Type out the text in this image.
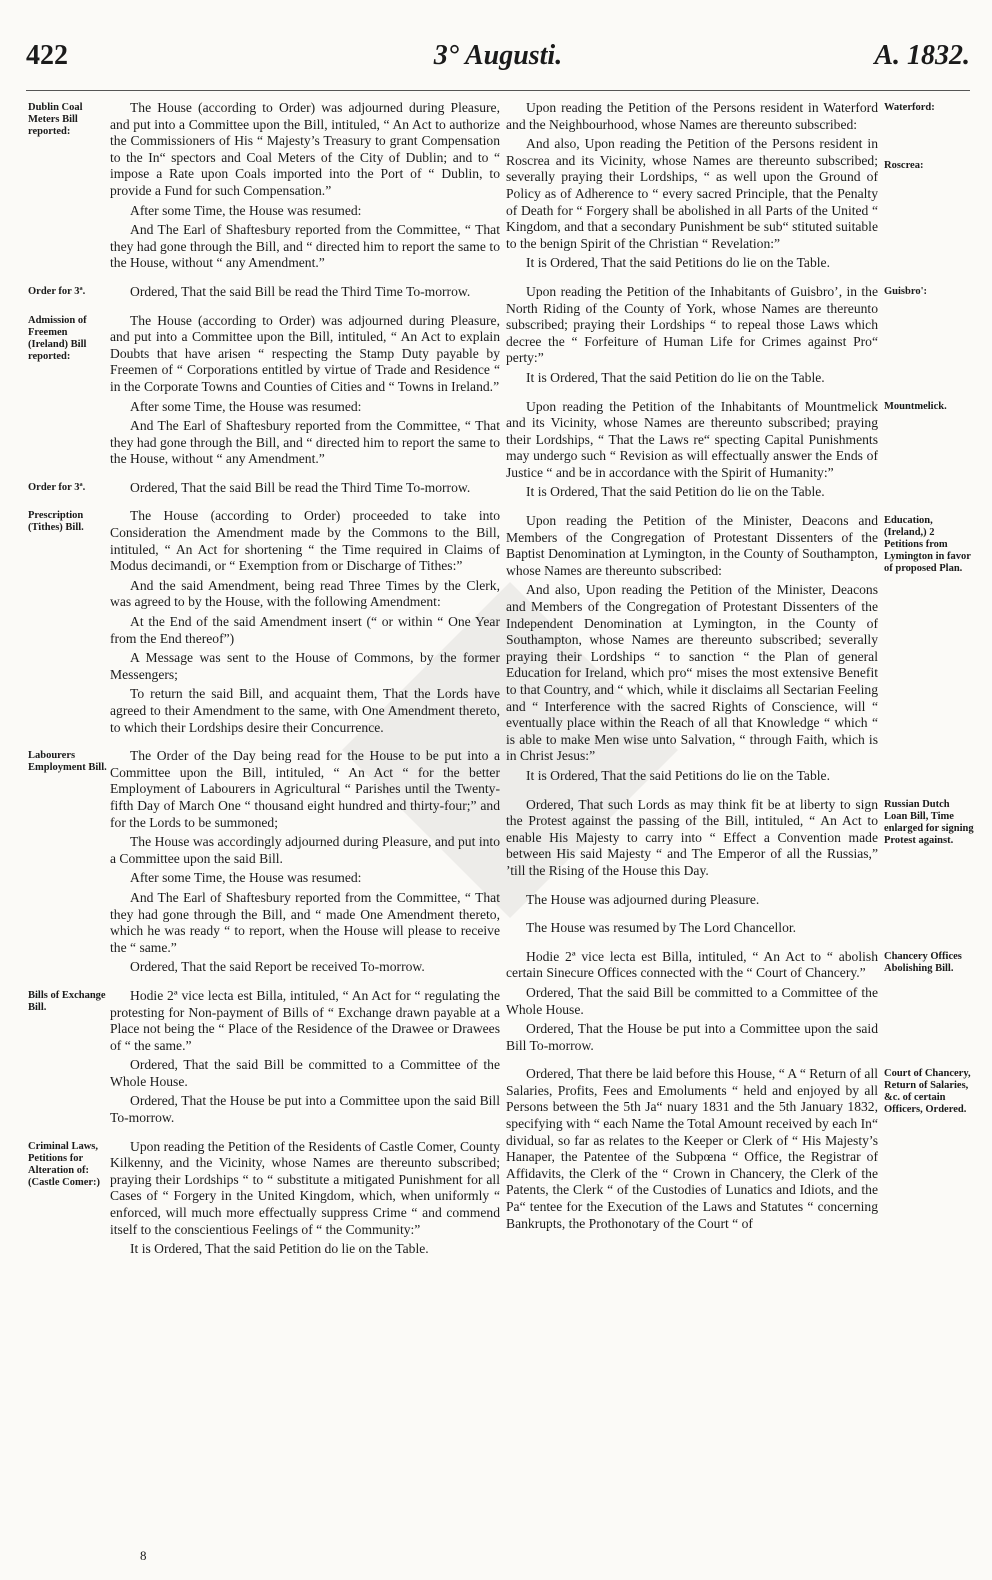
422	3° Augusti.	A. 1832.

The House (according to Order) was adjourned during Pleasure, and put into a Committee upon the Bill, intituled, “ An Act to authorize the Commissioners of His “ Majesty’s Treasury to grant Compensation to the In“ spectors and Coal Meters of the City of Dublin; and to “ impose a Rate upon Coals imported into the Port of “ Dublin, to provide a Fund for such Compensation.”

After some Time, the House was resumed:

And The Earl of Shaftesbury reported from the Committee, “ That they had gone through the Bill, and “ directed him to report the same to the House, without “ any Amendment.”

Ordered, That the said Bill be read the Third Time To-morrow.

The House (according to Order) was adjourned during Pleasure, and put into a Committee upon the Bill, intituled, “ An Act to explain Doubts that have arisen “ respecting the Stamp Duty payable by Freemen of “ Corporations entitled by virtue of Trade and Residence “ in the Corporate Towns and Counties of Cities and “ Towns in Ireland.”

After some Time, the House was resumed:

And The Earl of Shaftesbury reported from the Committee, “ That they had gone through the Bill, and “ directed him to report the same to the House, without “ any Amendment.”

Ordered, That the said Bill be read the Third Time To-morrow.

The House (according to Order) proceeded to take into Consideration the Amendment made by the Commons to the Bill, intituled, “ An Act for shortening “ the Time required in Claims of Modus decimandi, or “ Exemption from or Discharge of Tithes:”

And the said Amendment, being read Three Times by the Clerk, was agreed to by the House, with the following Amendment:

At the End of the said Amendment insert (“ or within “ One Year from the End thereof”)

A Message was sent to the House of Commons, by the former Messengers;

To return the said Bill, and acquaint them, That the Lords have agreed to their Amendment to the same, with One Amendment thereto, to which their Lordships desire their Concurrence.

The Order of the Day being read for the House to be put into a Committee upon the Bill, intituled, “ An Act “ for the better Employment of Labourers in Agricultural “ Parishes until the Twenty-fifth Day of March One “ thousand eight hundred and thirty-four;” and for the Lords to be summoned;

The House was accordingly adjourned during Pleasure, and put into a Committee upon the said Bill.

After some Time, the House was resumed:

And The Earl of Shaftesbury reported from the Committee, “ That they had gone through the Bill, and “ made One Amendment thereto, which he was ready “ to report, when the House will please to receive the “ same.”

Ordered, That the said Report be received To-morrow.

Hodie 2ª vice lecta est Billa, intituled, “ An Act for “ regulating the protesting for Non-payment of Bills of “ Exchange drawn payable at a Place not being the “ Place of the Residence of the Drawee or Drawees of “ the same.”

Ordered, That the said Bill be committed to a Committee of the Whole House.

Ordered, That the House be put into a Committee upon the said Bill To-morrow.

Upon reading the Petition of the Residents of Castle Comer, County Kilkenny, and the Vicinity, whose Names are thereunto subscribed; praying their Lordships “ to “ substitute a mitigated Punishment for all Cases of “ Forgery in the United Kingdom, which, when uniformly “ enforced, will much more effectually suppress Crime “ and commend itself to the conscientious Feelings of “ the Community:”

It is Ordered, That the said Petition do lie on the Table.

Upon reading the Petition of the Persons resident in Waterford and the Neighbourhood, whose Names are thereunto subscribed:

And also, Upon reading the Petition of the Persons resident in Roscrea and its Vicinity, whose Names are thereunto subscribed; severally praying their Lordships, “ as well upon the Ground of Policy as of Adherence to “ every sacred Principle, that the Penalty of Death for “ Forgery shall be abolished in all Parts of the United “ Kingdom, and that a secondary Punishment be sub“ stituted suitable to the benign Spirit of the Christian “ Revelation:”

It is Ordered, That the said Petitions do lie on the Table.

Upon reading the Petition of the Inhabitants of Guisbro’, in the North Riding of the County of York, whose Names are thereunto subscribed; praying their Lordships “ to repeal those Laws which decree the “ Forfeiture of Human Life for Crimes against Pro“ perty:”

It is Ordered, That the said Petition do lie on the Table.

Upon reading the Petition of the Inhabitants of Mountmelick and its Vicinity, whose Names are thereunto subscribed; praying their Lordships, “ That the Laws re“ specting Capital Punishments may undergo such “ Revision as will effectually answer the Ends of Justice “ and be in accordance with the Spirit of Humanity:”

It is Ordered, That the said Petition do lie on the Table.

Upon reading the Petition of the Minister, Deacons and Members of the Congregation of Protestant Dissenters of the Baptist Denomination at Lymington, in the County of Southampton, whose Names are thereunto subscribed:

And also, Upon reading the Petition of the Minister, Deacons and Members of the Congregation of Protestant Dissenters of the Independent Denomination at Lymington, in the County of Southampton, whose Names are thereunto subscribed; severally praying their Lordships “ to sanction “ the Plan of general Education for Ireland, which pro“ mises the most extensive Benefit to that Country, and “ which, while it disclaims all Sectarian Feeling and “ Interference with the sacred Rights of Conscience, will “ eventually place within the Reach of all that Knowledge “ which “ is able to make Men wise unto Salvation, “ through Faith, which is in Christ Jesus:”

It is Ordered, That the said Petitions do lie on the Table.

Ordered, That such Lords as may think fit be at liberty to sign the Protest against the passing of the Bill, intituled, “ An Act to enable His Majesty to carry into “ Effect a Convention made between His said Majesty “ and The Emperor of all the Russias,” ’till the Rising of the House this Day.

The House was adjourned during Pleasure.

The House was resumed by The Lord Chancellor.

Hodie 2ª vice lecta est Billa, intituled, “ An Act to “ abolish certain Sinecure Offices connected with the “ Court of Chancery.”

Ordered, That the said Bill be committed to a Committee of the Whole House.

Ordered, That the House be put into a Committee upon the said Bill To-morrow.

Ordered, That there be laid before this House, “ A “ Return of all Salaries, Profits, Fees and Emoluments “ held and enjoyed by all Persons between the 5th Ja“ nuary 1831 and the 5th January 1832, specifying with “ each Name the Total Amount received by each In“ dividual, so far as relates to the Keeper or Clerk of “ His Majesty’s Hanaper, the Patentee of the Subpœna “ Office, the Registrar of Affidavits, the Clerk of the “ Crown in Chancery, the Clerk of the Patents, the Clerk “ of the Custodies of Lunatics and Idiots, and the Pa“ tentee for the Execution of the Laws and Statutes “ concerning Bankrupts, the Prothonotary of the Court “ of

Dublin Coal Meters Bill reported:
Order for 3ª.
Admission of Freemen (Ireland) Bill reported:
Order for 3ª.
Prescription (Tithes) Bill.
Labourers Employment Bill.
Bills of Exchange Bill.
Criminal Laws, Petitions for Alteration of: (Castle Comer:)
Waterford:
Roscrea:
Guisbro':
Mountmelick.
Education, (Ireland,) 2 Petitions from Lymington in favor of proposed Plan.
Russian Dutch Loan Bill, Time enlarged for signing Protest against.
Chancery Offices Abolishing Bill.
Court of Chancery, Return of Salaries, &c. of certain Officers, Ordered.
8
